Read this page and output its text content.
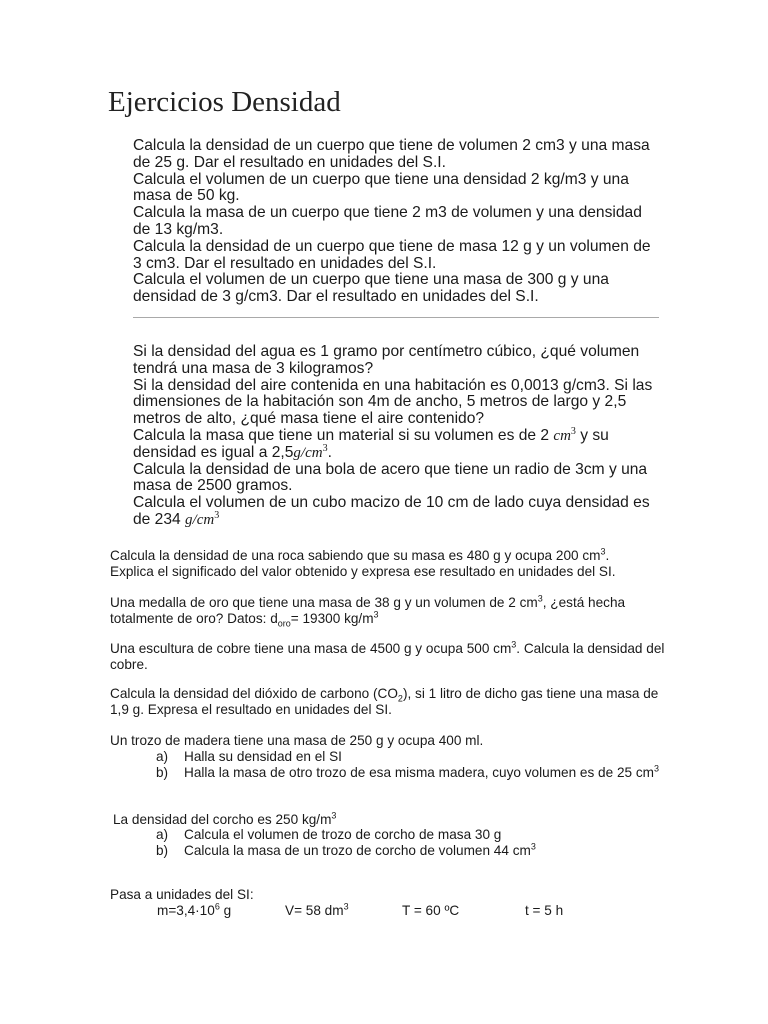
Ejercicios Densidad

Calcula la densidad de un cuerpo que tiene de volumen 2 cm3 y una masa de 25 g. Dar el resultado en unidades del S.I.

Calcula el volumen de un cuerpo que tiene una densidad 2 kg/m3 y una masa de 50 kg.

Calcula la masa de un cuerpo que tiene 2 m3 de volumen y una densidad de 13 kg/m3.

Calcula la densidad de un cuerpo que tiene de masa 12 g y un volumen de 3 cm3. Dar el resultado en unidades del S.I.

Calcula el volumen de un cuerpo que tiene una masa de 300 g y una densidad de 3 g/cm3. Dar el resultado en unidades del S.I.

Si la densidad del agua es 1 gramo por centímetro cúbico, ¿qué volumen tendrá una masa de 3 kilogramos?

Si la densidad del aire contenida en una habitación es 0,0013 g/cm3. Si las dimensiones de la habitación son 4m de ancho, 5 metros de largo y 2,5 metros de alto, ¿qué masa tiene el aire contenido?

Calcula la masa que tiene un material si su volumen es de 2 $cm^3$ y su densidad es igual a $2,5g/cm^3$.

Calcula la densidad de una bola de acero que tiene un radio de 3cm y una masa de 2500 gramos.

Calcula el volumen de un cubo macizo de 10 cm de lado cuya densidad es de 234 $g/cm^3$

Calcula la densidad de una roca sabiendo que su masa es 480 g y ocupa 200 $cm^3$.
Explica el significado del valor obtenido y expresa ese resultado en unidades del SI.

Una medalla de oro que tiene una masa de 38 g y un volumen de 2 $cm^3$, ¿está hecha totalmente de oro? Datos: $d_{oro}= 19300$ $kg/m^3$

Una escultura de cobre tiene una masa de 4500 g y ocupa 500 $cm^3$. Calcula la densidad del cobre.

Calcula la densidad del dióxido de carbono $(CO_2)$, si 1 litro de dicho gas tiene una masa de 1,9 g. Expresa el resultado en unidades del SI.

Un trozo de madera tiene una masa de 250 g y ocupa 400 ml.

a) Halla su densidad en el SI
b) Halla la masa de otro trozo de esa misma madera, cuyo volumen es de 25 $cm^3$

La densidad del corcho es 250 $kg/m^3$

a) Calcula el volumen de trozo de corcho de masa 30 g
b) Calcula la masa de un trozo de corcho de volumen 44 $cm^3$

Pasa a unidades del SI:

$m=3,4\cdot 10^6$ g	V= 58 $dm^3$	T = 60 ºC	t = 5 h
